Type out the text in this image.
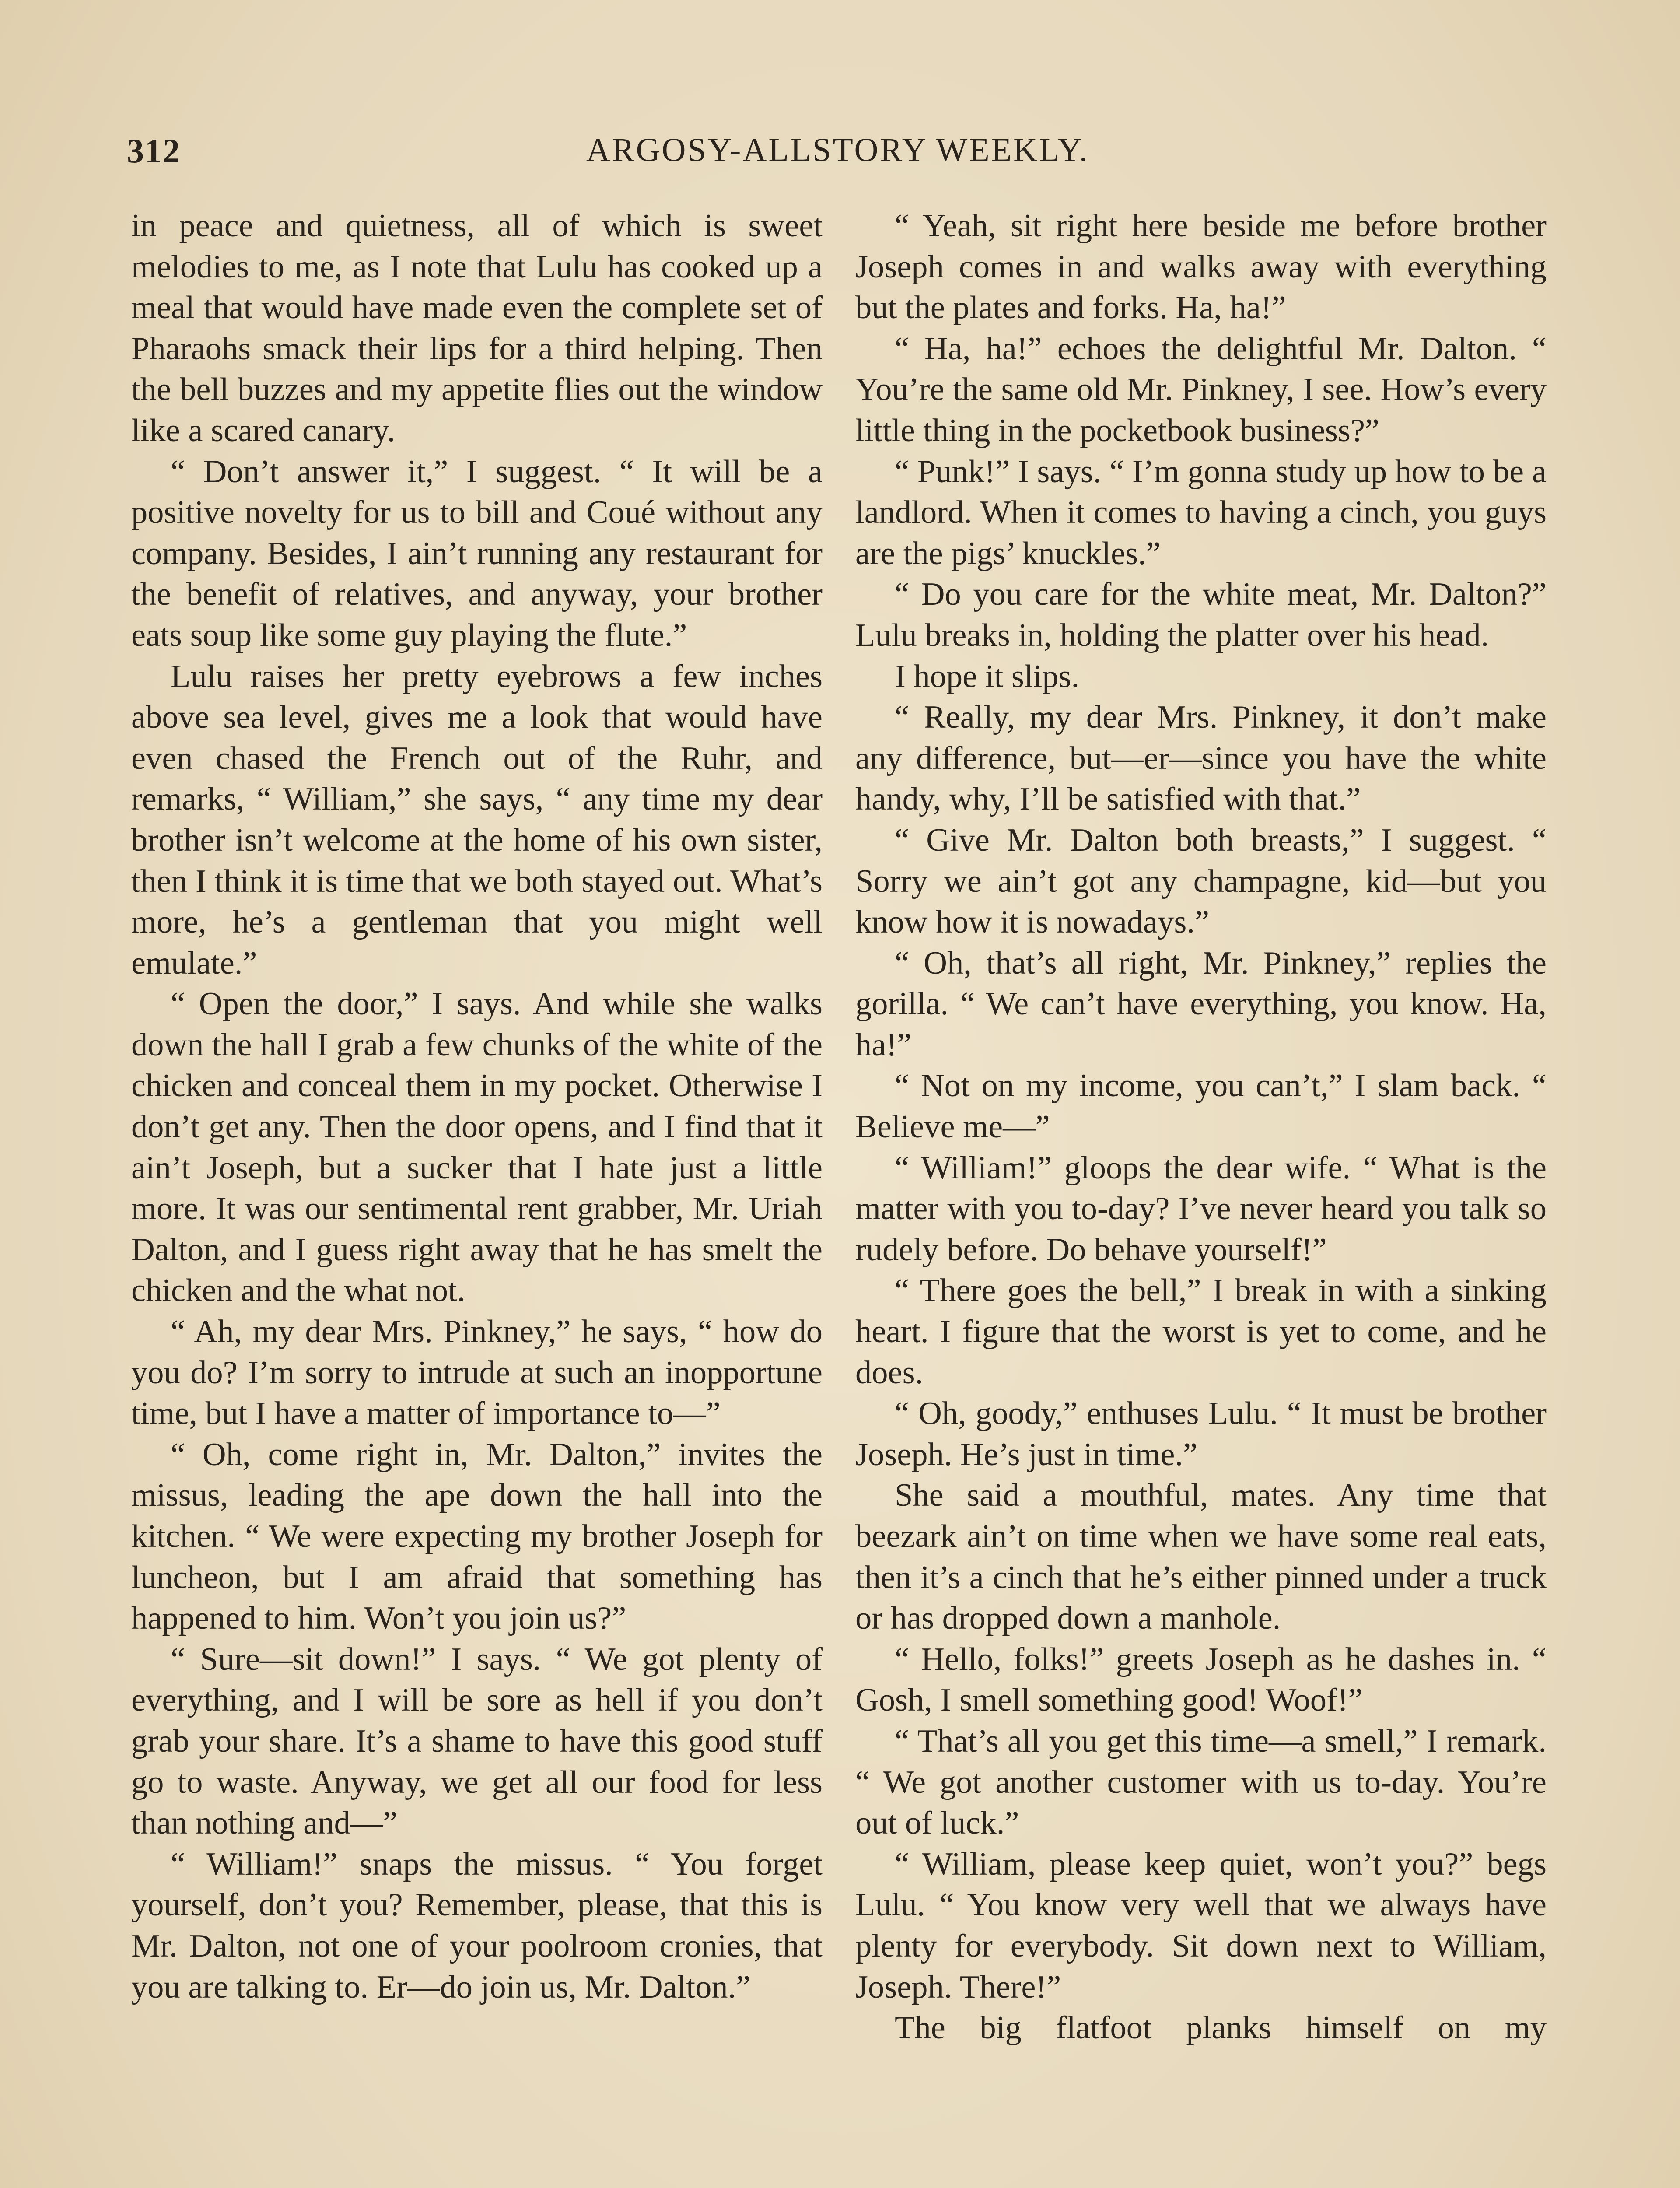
312	ARGOSY-ALLSTORY WEEKLY.

in peace and quietness, all of which is sweet melodies to me, as I note that Lulu has cooked up a meal that would have made even the complete set of Pharaohs smack their lips for a third helping. Then the bell buzzes and my appetite flies out the window like a scared canary.

“ Don’t answer it,” I suggest. “ It will be a positive novelty for us to bill and Coué without any company. Besides, I ain’t running any restaurant for the benefit of relatives, and anyway, your brother eats soup like some guy playing the flute.”

Lulu raises her pretty eyebrows a few inches above sea level, gives me a look that would have even chased the French out of the Ruhr, and remarks, “ William,” she says, “ any time my dear brother isn’t welcome at the home of his own sister, then I think it is time that we both stayed out. What’s more, he’s a gentleman that you might well emulate.”

“ Open the door,” I says. And while she walks down the hall I grab a few chunks of the white of the chicken and conceal them in my pocket. Otherwise I don’t get any. Then the door opens, and I find that it ain’t Joseph, but a sucker that I hate just a little more. It was our sentimental rent grabber, Mr. Uriah Dalton, and I guess right away that he has smelt the chicken and the what not.

“ Ah, my dear Mrs. Pinkney,” he says, “ how do you do? I’m sorry to intrude at such an inopportune time, but I have a matter of importance to—”

“ Oh, come right in, Mr. Dalton,” invites the missus, leading the ape down the hall into the kitchen. “ We were expecting my brother Joseph for luncheon, but I am afraid that something has happened to him. Won’t you join us?”

“ Sure—sit down!” I says. “ We got plenty of everything, and I will be sore as hell if you don’t grab your share. It’s a shame to have this good stuff go to waste. Anyway, we get all our food for less than nothing and—”

“ William!” snaps the missus. “ You forget yourself, don’t you? Remember, please, that this is Mr. Dalton, not one of your poolroom cronies, that you are talking to. Er—do join us, Mr. Dalton.”

“ Yeah, sit right here beside me before brother Joseph comes in and walks away with everything but the plates and forks. Ha, ha!”

“ Ha, ha!” echoes the delightful Mr. Dalton. “ You’re the same old Mr. Pinkney, I see. How’s every little thing in the pocketbook business?”

“ Punk!” I says. “ I’m gonna study up how to be a landlord. When it comes to having a cinch, you guys are the pigs’ knuckles.”

“ Do you care for the white meat, Mr. Dalton?” Lulu breaks in, holding the platter over his head.

I hope it slips.

“ Really, my dear Mrs. Pinkney, it don’t make any difference, but—er—since you have the white handy, why, I’ll be satisfied with that.”

“ Give Mr. Dalton both breasts,” I suggest. “ Sorry we ain’t got any champagne, kid—but you know how it is nowadays.”

“ Oh, that’s all right, Mr. Pinkney,” replies the gorilla. “ We can’t have everything, you know. Ha, ha!”

“ Not on my income, you can’t,” I slam back. “ Believe me—”

“ William!” gloops the dear wife. “ What is the matter with you to-day? I’ve never heard you talk so rudely before. Do behave yourself!”

“ There goes the bell,” I break in with a sinking heart. I figure that the worst is yet to come, and he does.

“ Oh, goody,” enthuses Lulu. “ It must be brother Joseph. He’s just in time.”

She said a mouthful, mates. Any time that beezark ain’t on time when we have some real eats, then it’s a cinch that he’s either pinned under a truck or has dropped down a manhole.

“ Hello, folks!” greets Joseph as he dashes in. “ Gosh, I smell something good! Woof!”

“ That’s all you get this time—a smell,” I remark. “ We got another customer with us to-day. You’re out of luck.”

“ William, please keep quiet, won’t you?” begs Lulu. “ You know very well that we always have plenty for everybody. Sit down next to William, Joseph. There!”

The big flatfoot planks himself on my
